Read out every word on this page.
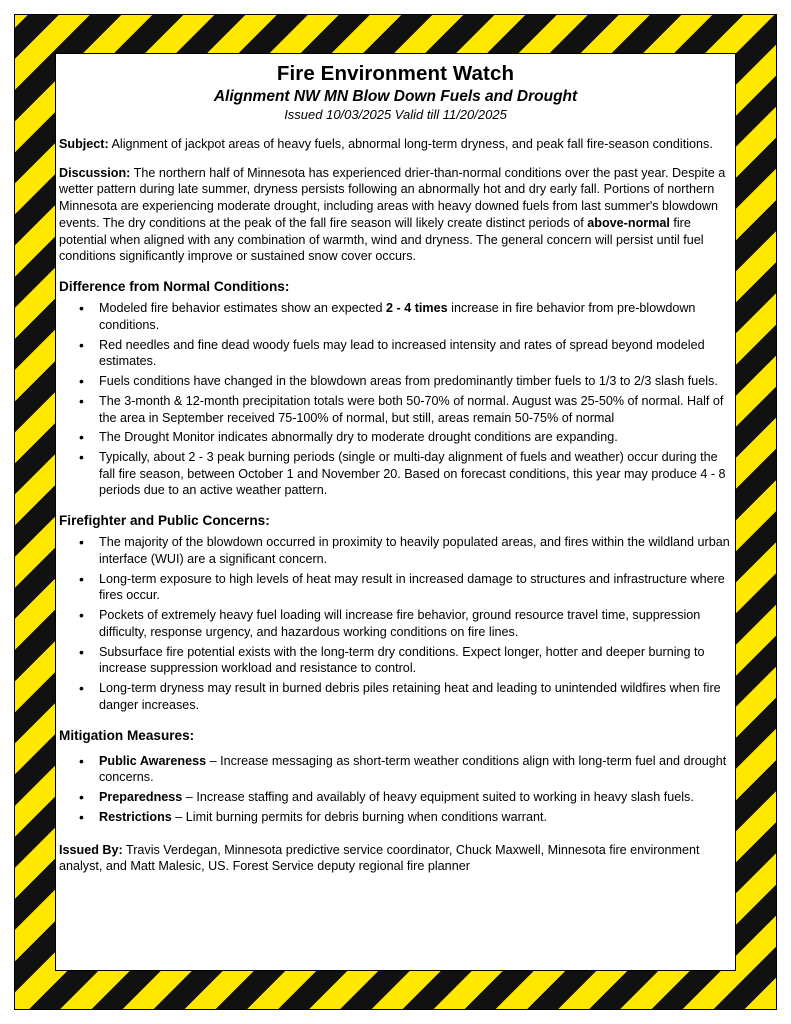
Fire Environment Watch
Alignment NW MN Blow Down Fuels and Drought
Issued 10/03/2025 Valid till 11/20/2025

Subject: Alignment of jackpot areas of heavy fuels, abnormal long-term dryness, and peak fall fire-season conditions.

Discussion: The northern half of Minnesota has experienced drier-than-normal conditions over the past year. Despite a wetter pattern during late summer, dryness persists following an abnormally hot and dry early fall. Portions of northern Minnesota are experiencing moderate drought, including areas with heavy downed fuels from last summer's blowdown events. The dry conditions at the peak of the fall fire season will likely create distinct periods of above-normal fire potential when aligned with any combination of warmth, wind and dryness. The general concern will persist until fuel conditions significantly improve or sustained snow cover occurs.

Difference from Normal Conditions:
• Modeled fire behavior estimates show an expected 2 - 4 times increase in fire behavior from pre-blowdown conditions.
• Red needles and fine dead woody fuels may lead to increased intensity and rates of spread beyond modeled estimates.
• Fuels conditions have changed in the blowdown areas from predominantly timber fuels to 1/3 to 2/3 slash fuels.
• The 3-month & 12-month precipitation totals were both 50-70% of normal. August was 25-50% of normal. Half of the area in September received 75-100% of normal, but still, areas remain 50-75% of normal
• The Drought Monitor indicates abnormally dry to moderate drought conditions are expanding.
• Typically, about 2 - 3 peak burning periods (single or multi-day alignment of fuels and weather) occur during the fall fire season, between October 1 and November 20. Based on forecast conditions, this year may produce 4 - 8 periods due to an active weather pattern.
Firefighter and Public Concerns:
• The majority of the blowdown occurred in proximity to heavily populated areas, and fires within the wildland urban interface (WUI) are a significant concern.
• Long-term exposure to high levels of heat may result in increased damage to structures and infrastructure where fires occur.
• Pockets of extremely heavy fuel loading will increase fire behavior, ground resource travel time, suppression difficulty, response urgency, and hazardous working conditions on fire lines.
• Subsurface fire potential exists with the long-term dry conditions. Expect longer, hotter and deeper burning to increase suppression workload and resistance to control.
• Long-term dryness may result in burned debris piles retaining heat and leading to unintended wildfires when fire danger increases.
Mitigation Measures:
• Public Awareness – Increase messaging as short-term weather conditions align with long-term fuel and drought concerns.
• Preparedness – Increase staffing and availably of heavy equipment suited to working in heavy slash fuels.
• Restrictions – Limit burning permits for debris burning when conditions warrant.
Issued By: Travis Verdegan, Minnesota predictive service coordinator, Chuck Maxwell, Minnesota fire environment analyst, and Matt Malesic, US. Forest Service deputy regional fire planner
